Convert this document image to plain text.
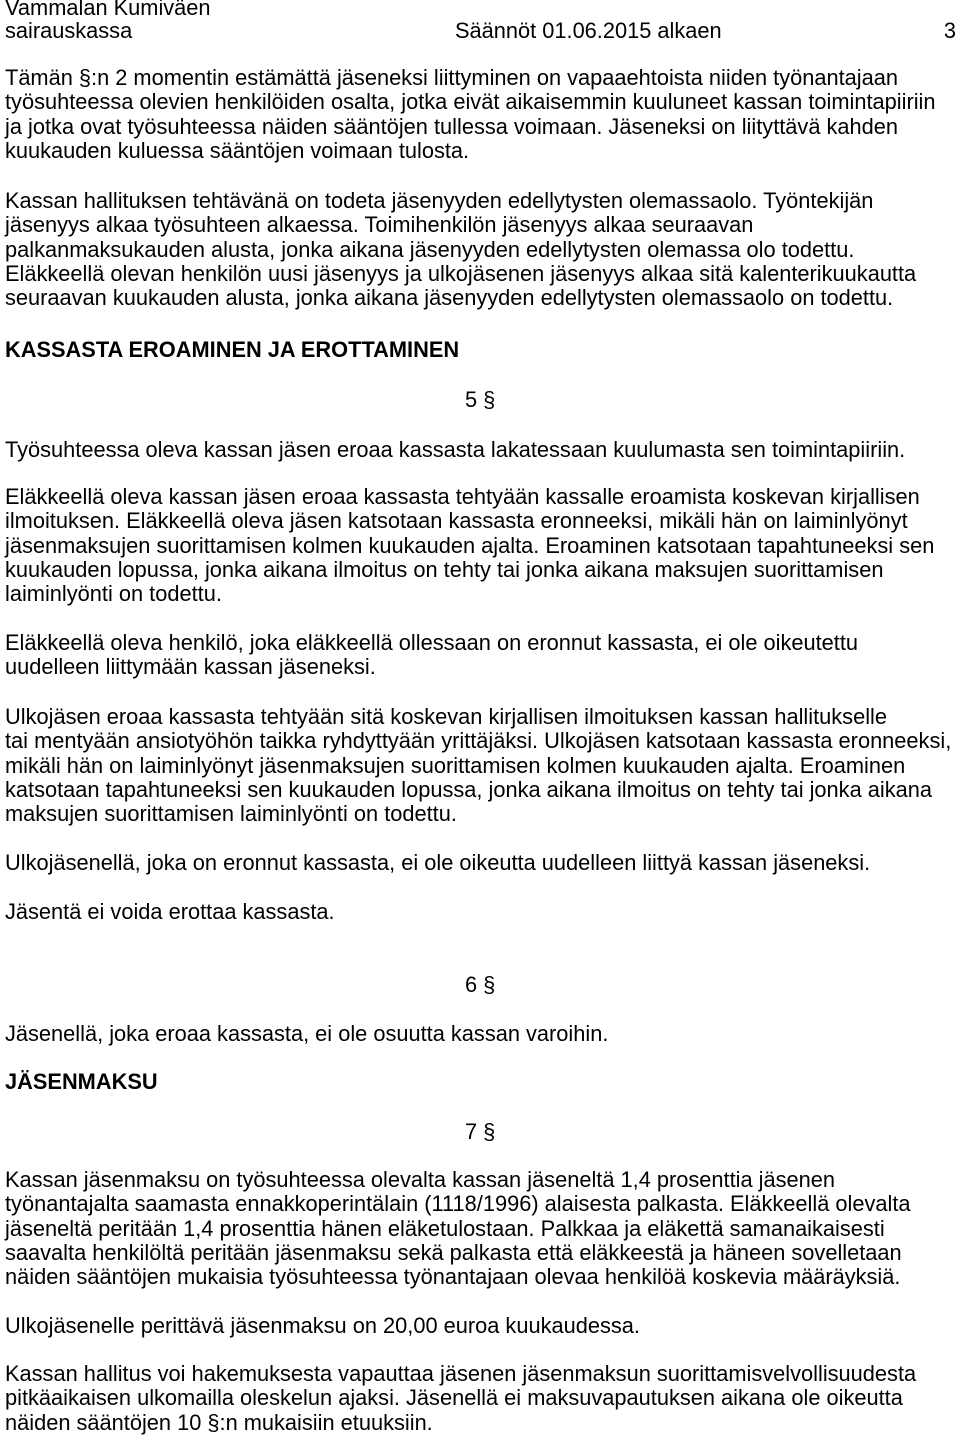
Vammalan Kumiväen
sairauskassa	Säännöt 01.06.2015 alkaen	3
Tämän §:n 2 momentin estämättä jäseneksi liittyminen on vapaaehtoista niiden työnantajaan
työsuhteessa olevien henkilöiden osalta, jotka eivät aikaisemmin kuuluneet kassan toimintapiiriin
ja jotka ovat työsuhteessa näiden sääntöjen tullessa voimaan. Jäseneksi on liityttävä kahden
kuukauden kuluessa sääntöjen voimaan tulosta.
Kassan hallituksen tehtävänä on todeta jäsenyyden edellytysten olemassaolo. Työntekijän
jäsenyys alkaa työsuhteen alkaessa. Toimihenkilön jäsenyys alkaa seuraavan
palkanmaksukauden alusta, jonka aikana jäsenyyden edellytysten olemassa olo todettu.
Eläkkeellä olevan henkilön uusi jäsenyys ja ulkojäsenen jäsenyys alkaa sitä kalenterikuukautta
seuraavan kuukauden alusta, jonka aikana jäsenyyden edellytysten olemassaolo on todettu.
KASSASTA EROAMINEN JA EROTTAMINEN
5 §
Työsuhteessa oleva kassan jäsen eroaa kassasta lakatessaan kuulumasta sen toimintapiiriin.
Eläkkeellä oleva kassan jäsen eroaa kassasta tehtyään kassalle eroamista koskevan kirjallisen
ilmoituksen. Eläkkeellä oleva jäsen katsotaan kassasta eronneeksi, mikäli hän on laiminlyönyt
jäsenmaksujen suorittamisen kolmen kuukauden ajalta. Eroaminen katsotaan tapahtuneeksi sen
kuukauden lopussa, jonka aikana ilmoitus on tehty tai jonka aikana maksujen suorittamisen
laiminlyönti on todettu.
Eläkkeellä oleva henkilö, joka eläkkeellä ollessaan on eronnut kassasta, ei ole oikeutettu
uudelleen liittymään kassan jäseneksi.
Ulkojäsen eroaa kassasta tehtyään sitä koskevan kirjallisen ilmoituksen kassan hallitukselle
tai mentyään ansiotyöhön taikka ryhdyttyään yrittäjäksi. Ulkojäsen katsotaan kassasta eronneeksi,
mikäli hän on laiminlyönyt jäsenmaksujen suorittamisen kolmen kuukauden ajalta. Eroaminen
katsotaan tapahtuneeksi sen kuukauden lopussa, jonka aikana ilmoitus on tehty tai jonka aikana
maksujen suorittamisen laiminlyönti on todettu.
Ulkojäsenellä, joka on eronnut kassasta, ei ole oikeutta uudelleen liittyä kassan jäseneksi.
Jäsentä ei voida erottaa kassasta.
6 §
Jäsenellä, joka eroaa kassasta, ei ole osuutta kassan varoihin.
JÄSENMAKSU
7 §
Kassan jäsenmaksu on työsuhteessa olevalta kassan jäseneltä 1,4 prosenttia jäsenen
työnantajalta saamasta ennakkoperintälain (1118/1996) alaisesta palkasta. Eläkkeellä olevalta
jäseneltä peritään 1,4 prosenttia hänen eläketulostaan. Palkkaa ja eläkettä samanaikaisesti
saavalta henkilöltä peritään jäsenmaksu sekä palkasta että eläkkeestä ja häneen sovelletaan
näiden sääntöjen mukaisia työsuhteessa työnantajaan olevaa henkilöä koskevia määräyksiä.
Ulkojäsenelle perittävä jäsenmaksu on 20,00 euroa kuukaudessa.
Kassan hallitus voi hakemuksesta vapauttaa jäsenen jäsenmaksun suorittamisvelvollisuudesta
pitkäaikaisen ulkomailla oleskelun ajaksi. Jäsenellä ei maksuvapautuksen aikana ole oikeutta
näiden sääntöjen 10 §:n mukaisiin etuuksiin.
